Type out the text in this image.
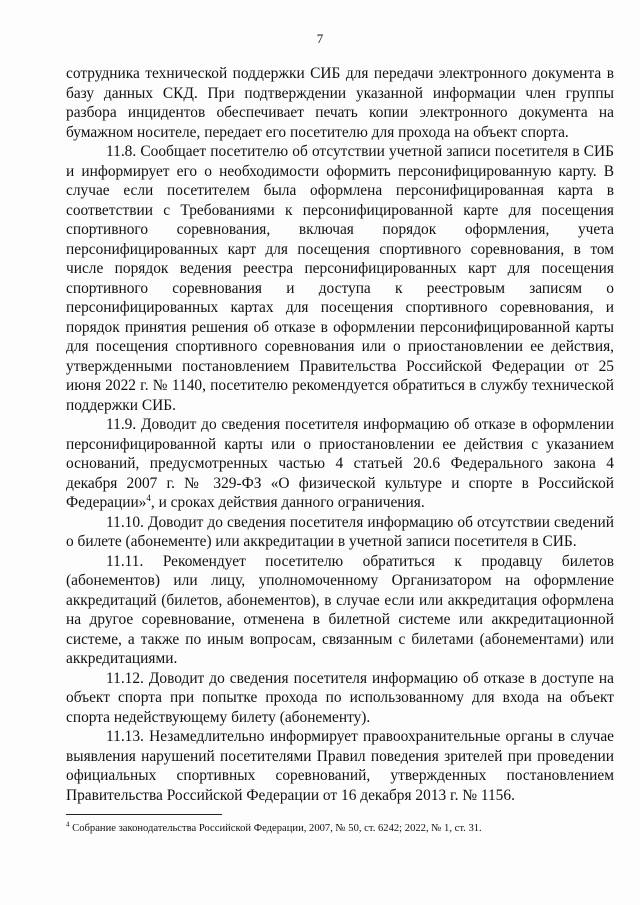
7

сотрудника технической поддержки СИБ для передачи электронного документа в базу данных СКД. При подтверждении указанной информации член группы разбора инцидентов обеспечивает печать копии электронного документа на бумажном носителе, передает его посетителю для прохода на объект спорта.

11.8. Сообщает посетителю об отсутствии учетной записи посетителя в СИБ и информирует его о необходимости оформить персонифицированную карту. В случае если посетителем была оформлена персонифицированная карта в соответствии с Требованиями к персонифицированной карте для посещения спортивного соревнования, включая порядок оформления, учета персонифицированных карт для посещения спортивного соревнования, в том числе порядок ведения реестра персонифицированных карт для посещения спортивного соревнования и доступа к реестровым записям о персонифицированных картах для посещения спортивного соревнования, и порядок принятия решения об отказе в оформлении персонифицированной карты для посещения спортивного соревнования или о приостановлении ее действия, утвержденными постановлением Правительства Российской Федерации от 25 июня 2022 г. № 1140, посетителю рекомендуется обратиться в службу технической поддержки СИБ.

11.9. Доводит до сведения посетителя информацию об отказе в оформлении персонифицированной карты или о приостановлении ее действия с указанием оснований, предусмотренных частью 4 статьей 20.6 Федерального закона 4 декабря 2007 г. № 329-ФЗ «О физической культуре и спорте в Российской Федерации»$^4$, и сроках действия данного ограничения.

11.10. Доводит до сведения посетителя информацию об отсутствии сведений о билете (абонементе) или аккредитации в учетной записи посетителя в СИБ.

11.11. Рекомендует посетителю обратиться к продавцу билетов (абонементов) или лицу, уполномоченному Организатором на оформление аккредитаций (билетов, абонементов), в случае если или аккредитация оформлена на другое соревнование, отменена в билетной системе или аккредитационной системе, а также по иным вопросам, связанным с билетами (абонементами) или аккредитациями.

11.12. Доводит до сведения посетителя информацию об отказе в доступе на объект спорта при попытке прохода по использованному для входа на объект спорта недействующему билету (абонементу).

11.13. Незамедлительно информирует правоохранительные органы в случае выявления нарушений посетителями Правил поведения зрителей при проведении официальных спортивных соревнований, утвержденных постановлением Правительства Российской Федерации от 16 декабря 2013 г. № 1156.

$^4$ Собрание законодательства Российской Федерации, 2007, № 50, ст. 6242; 2022, № 1, ст. 31.
